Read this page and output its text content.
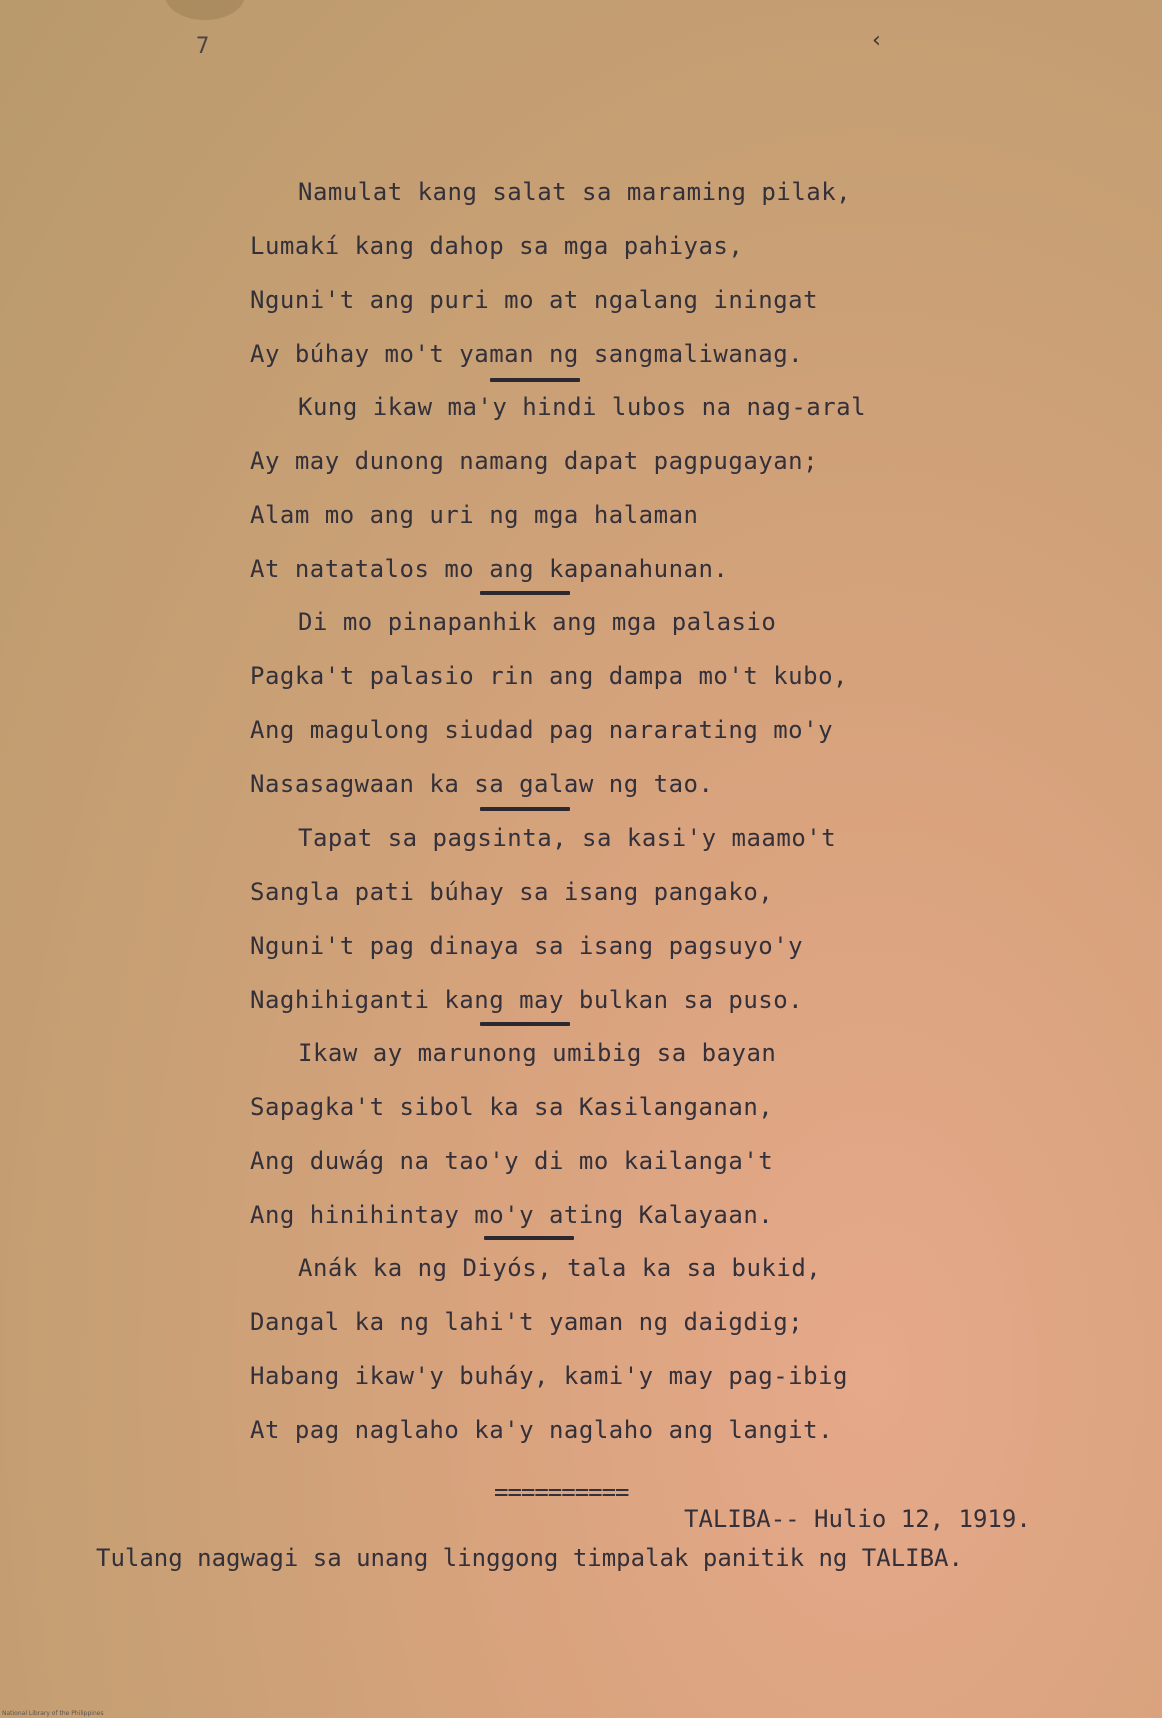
7	‹
Namulat kang salat sa maraming pilak,
Lumakí kang dahop sa mga pahiyas,
Nguni't ang puri mo at ngalang iningat
Ay búhay mo't yaman ng sangmaliwanag.
Kung ikaw ma'y hindi lubos na nag-aral
Ay may dunong namang dapat pagpugayan;
Alam mo ang uri ng mga halaman
At natatalos mo ang kapanahunan.
Di mo pinapanhik ang mga palasio
Pagka't palasio rin ang dampa mo't kubo,
Ang magulong siudad pag nararating mo'y
Nasasagwaan ka sa galaw ng tao.
Tapat sa pagsinta, sa kasi'y maamo't
Sangla pati búhay sa isang pangako,
Nguni't pag dinaya sa isang pagsuyo'y
Naghihiganti kang may bulkan sa puso.
Ikaw ay marunong umibig sa bayan
Sapagka't sibol ka sa Kasilanganan,
Ang duwág na tao'y di mo kailanga't
Ang hinihintay mo'y ating Kalayaan.
Anák ka ng Diyós, tala ka sa bukid,
Dangal ka ng lahi't yaman ng daigdig;
Habang ikaw'y buháy, kami'y may pag-ibig
At pag naglaho ka'y naglaho ang langit.
==========
TALIBA-- Hulio 12, 1919.
Tulang nagwagi sa unang linggong timpalak panitik ng TALIBA.
National Library of the Philippines
